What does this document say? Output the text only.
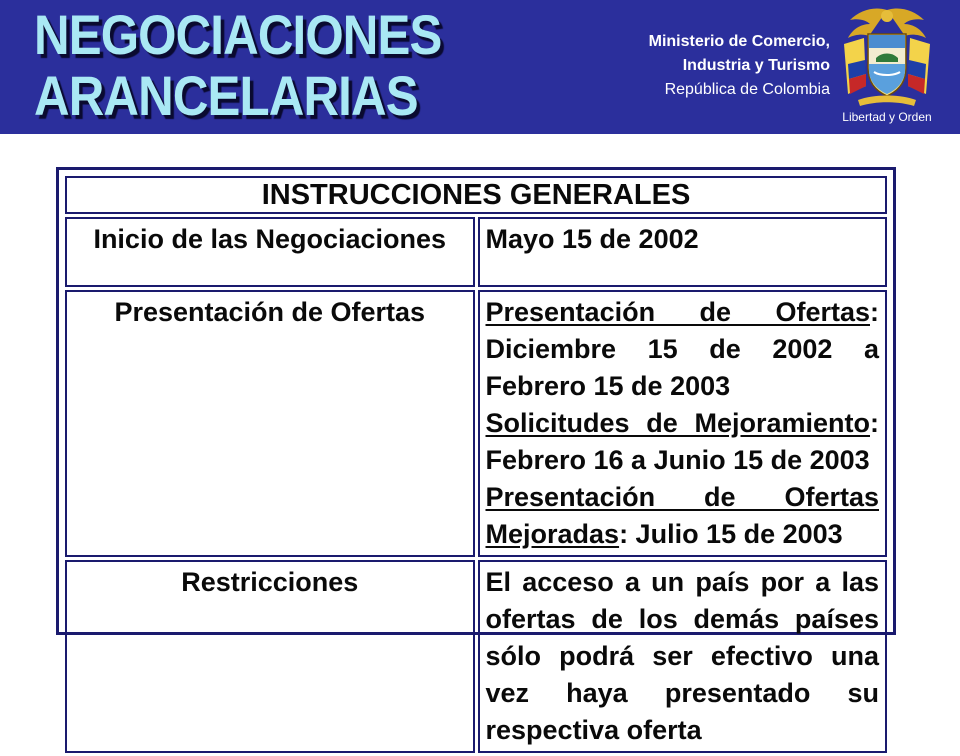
NEGOCIACIONES
ARANCELARIAS
Ministerio de Comercio,
Industria y Turismo
República de Colombia
Libertad y Orden
INSTRUCCIONES GENERALES	
Inicio de las Negociaciones	Mayo 15 de 2002
Presentación de Ofertas	Presentación de Ofertas: Diciembre 15 de 2002 a Febrero 15 de 2003
Solicitudes de Mejoramiento: Febrero 16 a Junio 15 de 2003
Presentación de Ofertas Mejoradas: Julio 15 de 2003

Restricciones	El acceso a un país por a las ofertas de los demás países sólo podrá ser efectivo una vez haya presentado su respectiva oferta
